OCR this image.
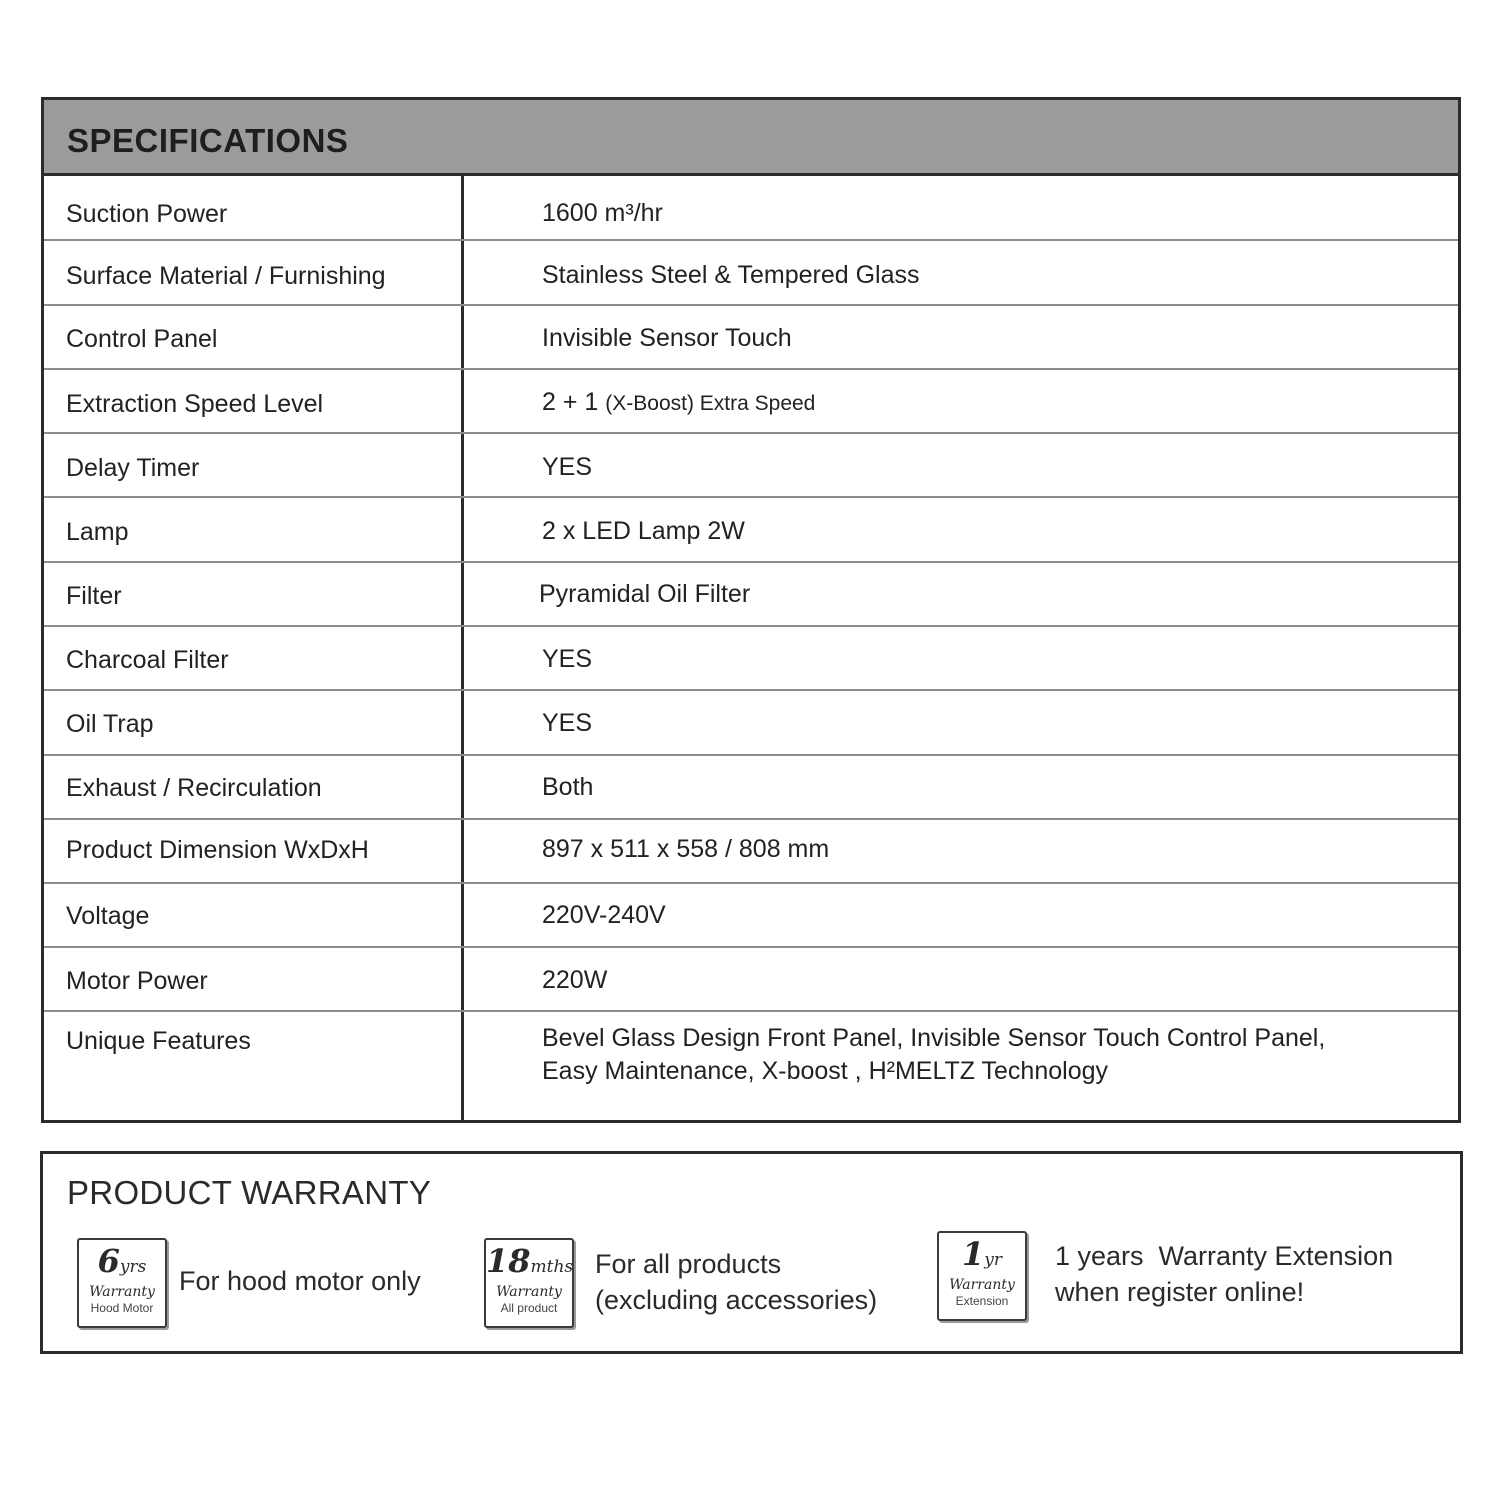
SPECIFICATIONS
Suction Power	1600 m³/hr
Surface Material / Furnishing	Stainless Steel & Tempered Glass
Control Panel	Invisible Sensor Touch
Extraction Speed Level	2 + 1 (X-Boost) Extra Speed
Delay Timer	YES
Lamp	2 x LED Lamp 2W
Filter	Pyramidal Oil Filter
Charcoal Filter	YES
Oil Trap	YES
Exhaust / Recirculation	Both
Product Dimension WxDxH	897 x 511 x 558 / 808 mm
Voltage	220V-240V
Motor Power	220W
Unique Features	Bevel Glass Design Front Panel, Invisible Sensor Touch Control Panel,
Easy Maintenance, X-boost , H²MELTZ Technology
PRODUCT WARRANTY
6yrs
Warranty
Hood Motor
For hood motor only
18mths
Warranty
All product
For all products
(excluding accessories)
1yr
Warranty
Extension
1 years  Warranty Extension
when register online!
